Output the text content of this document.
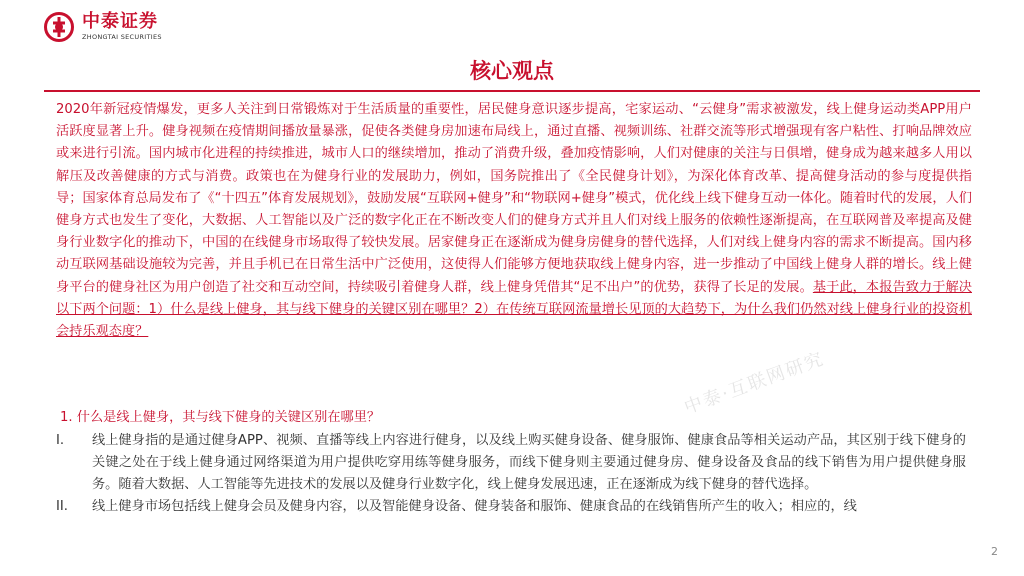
中泰证券
ZHONGTAI SECURITIES
核心观点
2020年新冠疫情爆发，更多人关注到日常锻炼对于生活质量的重要性，居民健身意识逐步提高，宅家运动、“云健身”需求被激发，线上健身运动类APP用户活跃度显著上升。健身视频在疫情期间播放量暴涨，促使各类健身房加速布局线上，通过直播、视频训练、社群交流等形式增强现有客户粘性、打响品牌效应或来进行引流。国内城市化进程的持续推进，城市人口的继续增加，推动了消费升级，叠加疫情影响，人们对健康的关注与日俱增，健身成为越来越多人用以解压及改善健康的方式与消费。政策也在为健身行业的发展助力，例如，国务院推出了《全民健身计划》，为深化体育改革、提高健身活动的参与度提供指导；国家体育总局发布了《“十四五”体育发展规划》，鼓励发展“互联网+健身”和“物联网+健身”模式，优化线上线下健身互动一体化。随着时代的发展，人们健身方式也发生了变化，大数据、人工智能以及广泛的数字化正在不断改变人们的健身方式并且人们对线上服务的依赖性逐渐提高，在互联网普及率提高及健身行业数字化的推动下，中国的在线健身市场取得了较快发展。居家健身正在逐渐成为健身房健身的替代选择，人们对线上健身内容的需求不断提高。国内移动互联网基础设施较为完善，并且手机已在日常生活中广泛使用，这使得人们能够方便地获取线上健身内容，进一步推动了中国线上健身人群的增长。线上健身平台的健身社区为用户创造了社交和互动空间，持续吸引着健身人群，线上健身凭借其“足不出户”的优势，获得了长足的发展。基于此，本报告致力于解决以下两个问题：1）什么是线上健身，其与线下健身的关键区别在哪里？2）在传统互联网流量增长见顶的大趋势下，为什么我们仍然对线上健身行业的投资机会持乐观态度？
中泰·互联网研究
1. 什么是线上健身，其与线下健身的关键区别在哪里？
I.	线上健身指的是通过健身APP、视频、直播等线上内容进行健身，以及线上购买健身设备、健身服饰、健康食品等相关运动产品，其区别于线下健身的关键之处在于线上健身通过网络渠道为用户提供吃穿用练等健身服务，而线下健身则主要通过健身房、健身设备及食品的线下销售为用户提供健身服务。随着大数据、人工智能等先进技术的发展以及健身行业数字化，线上健身发展迅速，正在逐渐成为线下健身的替代选择。
II.	线上健身市场包括线上健身会员及健身内容，以及智能健身设备、健身装备和服饰、健康食品的在线销售所产生的收入；相应的，线
2
